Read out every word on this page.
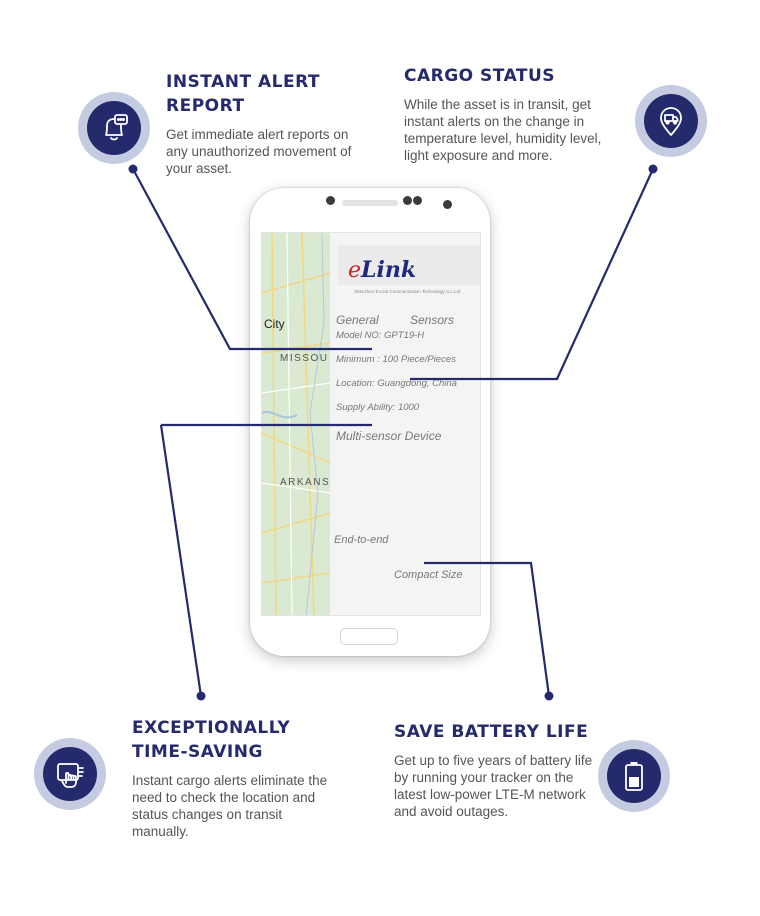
INSTANT ALERT REPORT
Get immediate alert reports on any unauthorized movement of your asset.
CARGO STATUS
While the asset is in transit, get instant alerts on the change in temperature level, humidity level, light exposure and more.
EXCEPTIONALLY
TIME-SAVING
Instant cargo alerts eliminate the need to check the location and status changes on transit manually.
SAVE BATTERY LIFE
Get up to five years of battery life by running your tracker on the latest low-power LTE-M network and avoid outages.
City
MISSOU
ARKANS
eLink
Shenzhen E-Link Communication Technology Co.,Ltd
General	Sensors
Model NO: GPT19-H
Minimum : 100 Piece/Pieces
Location: Guangdong, China
Supply Ability: 1000
Multi-sensor Device
End-to-end
Compact Size
